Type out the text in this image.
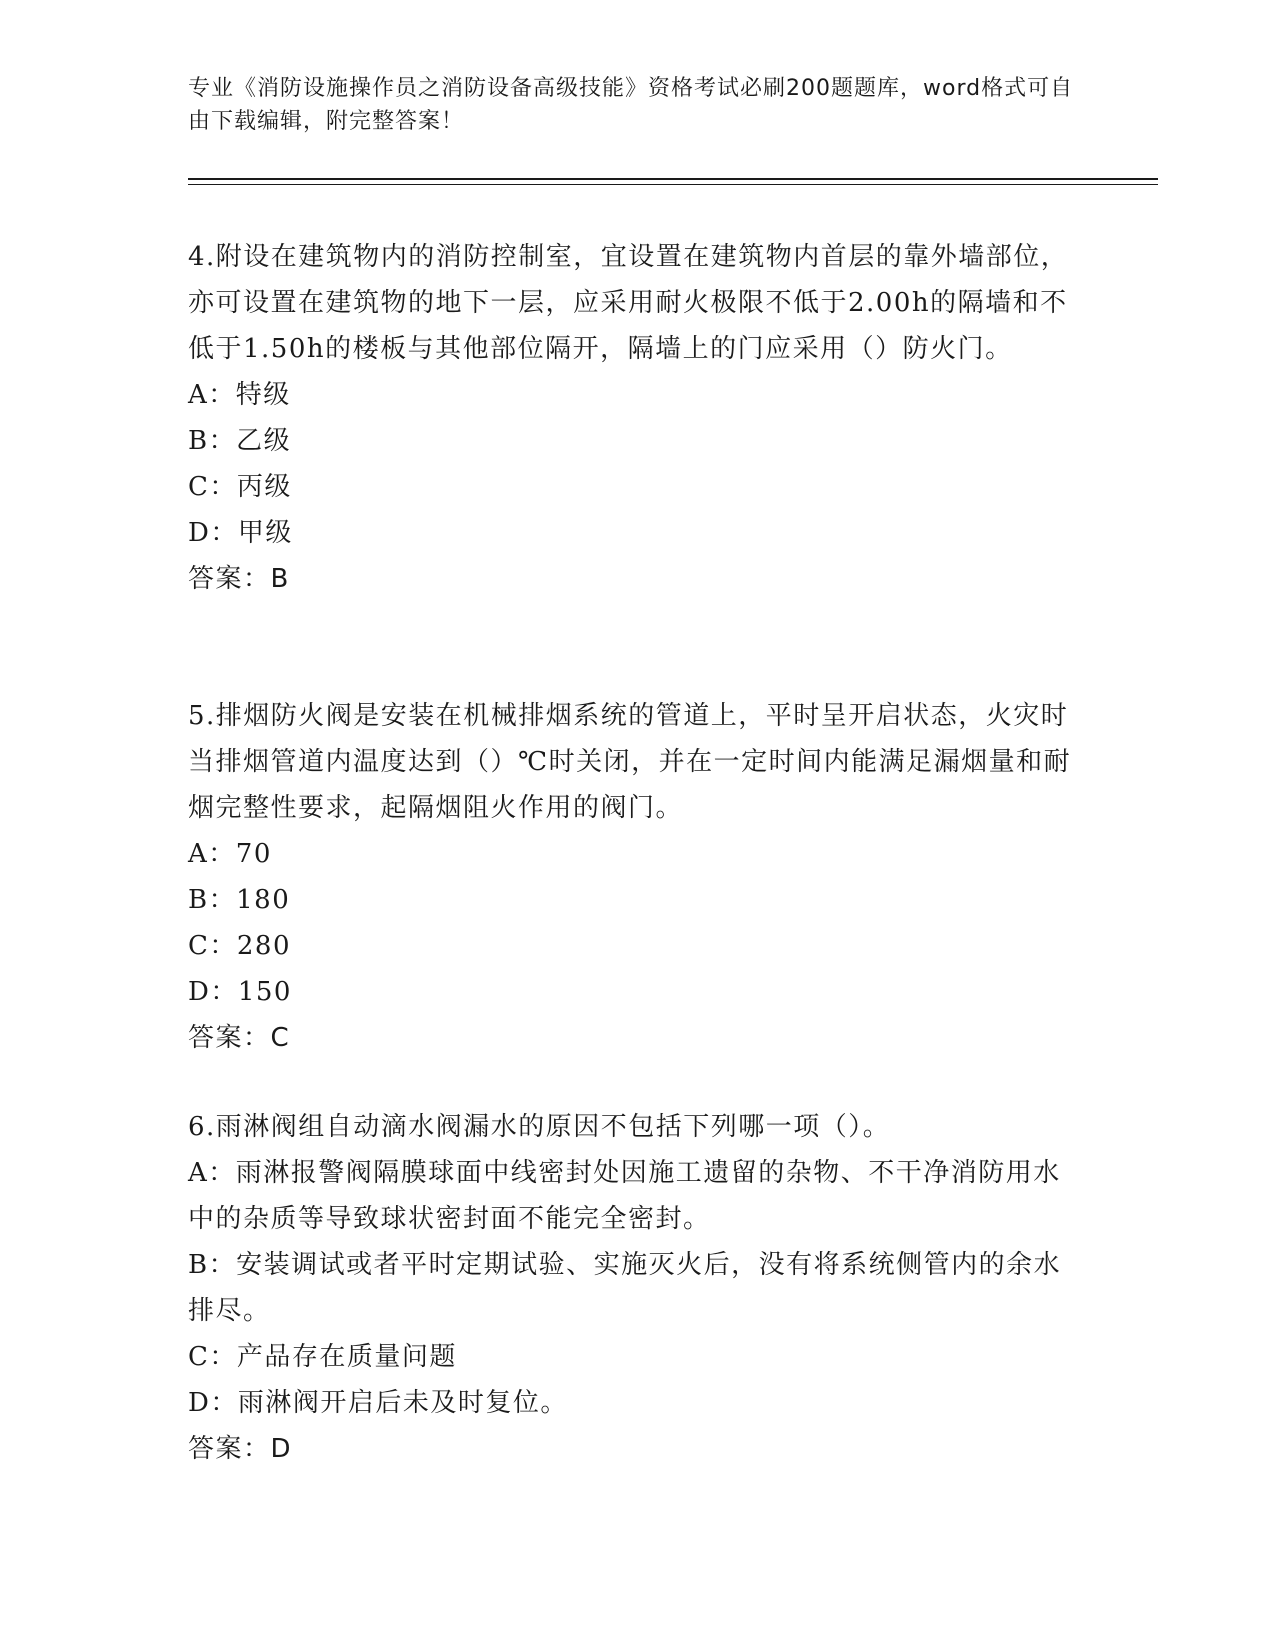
专业《消防设施操作员之消防设备高级技能》资格考试必刷200题题库，word格式可自由下载编辑，附完整答案！

4.附设在建筑物内的消防控制室，宜设置在建筑物内首层的靠外墙部位，亦可设置在建筑物的地下一层，应采用耐火极限不低于2.00h的隔墙和不低于1.50h的楼板与其他部位隔开，隔墙上的门应采用（）防火门。

A：特级

B：乙级

C：丙级

D：甲级

答案：B

5.排烟防火阀是安装在机械排烟系统的管道上，平时呈开启状态，火灾时当排烟管道内温度达到（）℃时关闭，并在一定时间内能满足漏烟量和耐烟完整性要求，起隔烟阻火作用的阀门。

A：70

B：180

C：280

D：150

答案：C

6.雨淋阀组自动滴水阀漏水的原因不包括下列哪一项（）。

A：雨淋报警阀隔膜球面中线密封处因施工遗留的杂物、不干净消防用水中的杂质等导致球状密封面不能完全密封。

B：安装调试或者平时定期试验、实施灭火后，没有将系统侧管内的余水排尽。

C：产品存在质量问题

D：雨淋阀开启后未及时复位。

答案：D
